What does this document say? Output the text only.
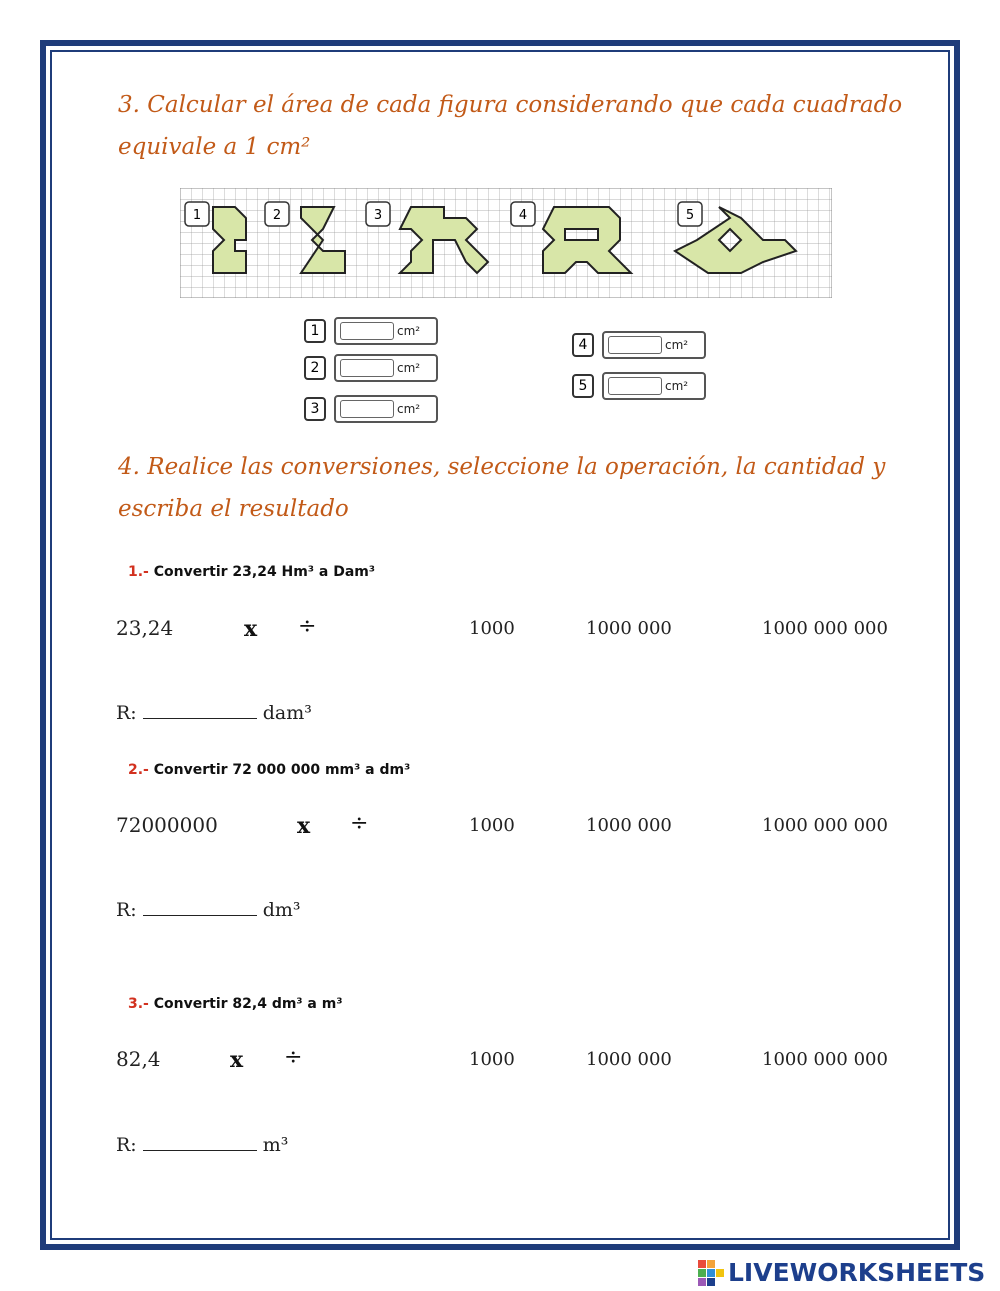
3. Calcular el área de cada figura considerando que cada cuadrado equivale a 1 cm²
1	2	3	4	5
1	cm²
2	cm²
3	cm²
4	cm²
5	cm²
4. Realice las conversiones, seleccione la operación, la cantidad y escriba el resultado
1.- Convertir 23,24 Hm³ a Dam³
23,24	x ÷	1000	1000 000	1000 000 000
R:	dam³
2.- Convertir 72 000 000 mm³ a dm³
72000000	x ÷	1000	1000 000	1000 000 000
R:	dm³
3.- Convertir 82,4 dm³ a m³
82,4	x ÷	1000	1000 000	1000 000 000
R:	m³
LIVEWORKSHEETS
